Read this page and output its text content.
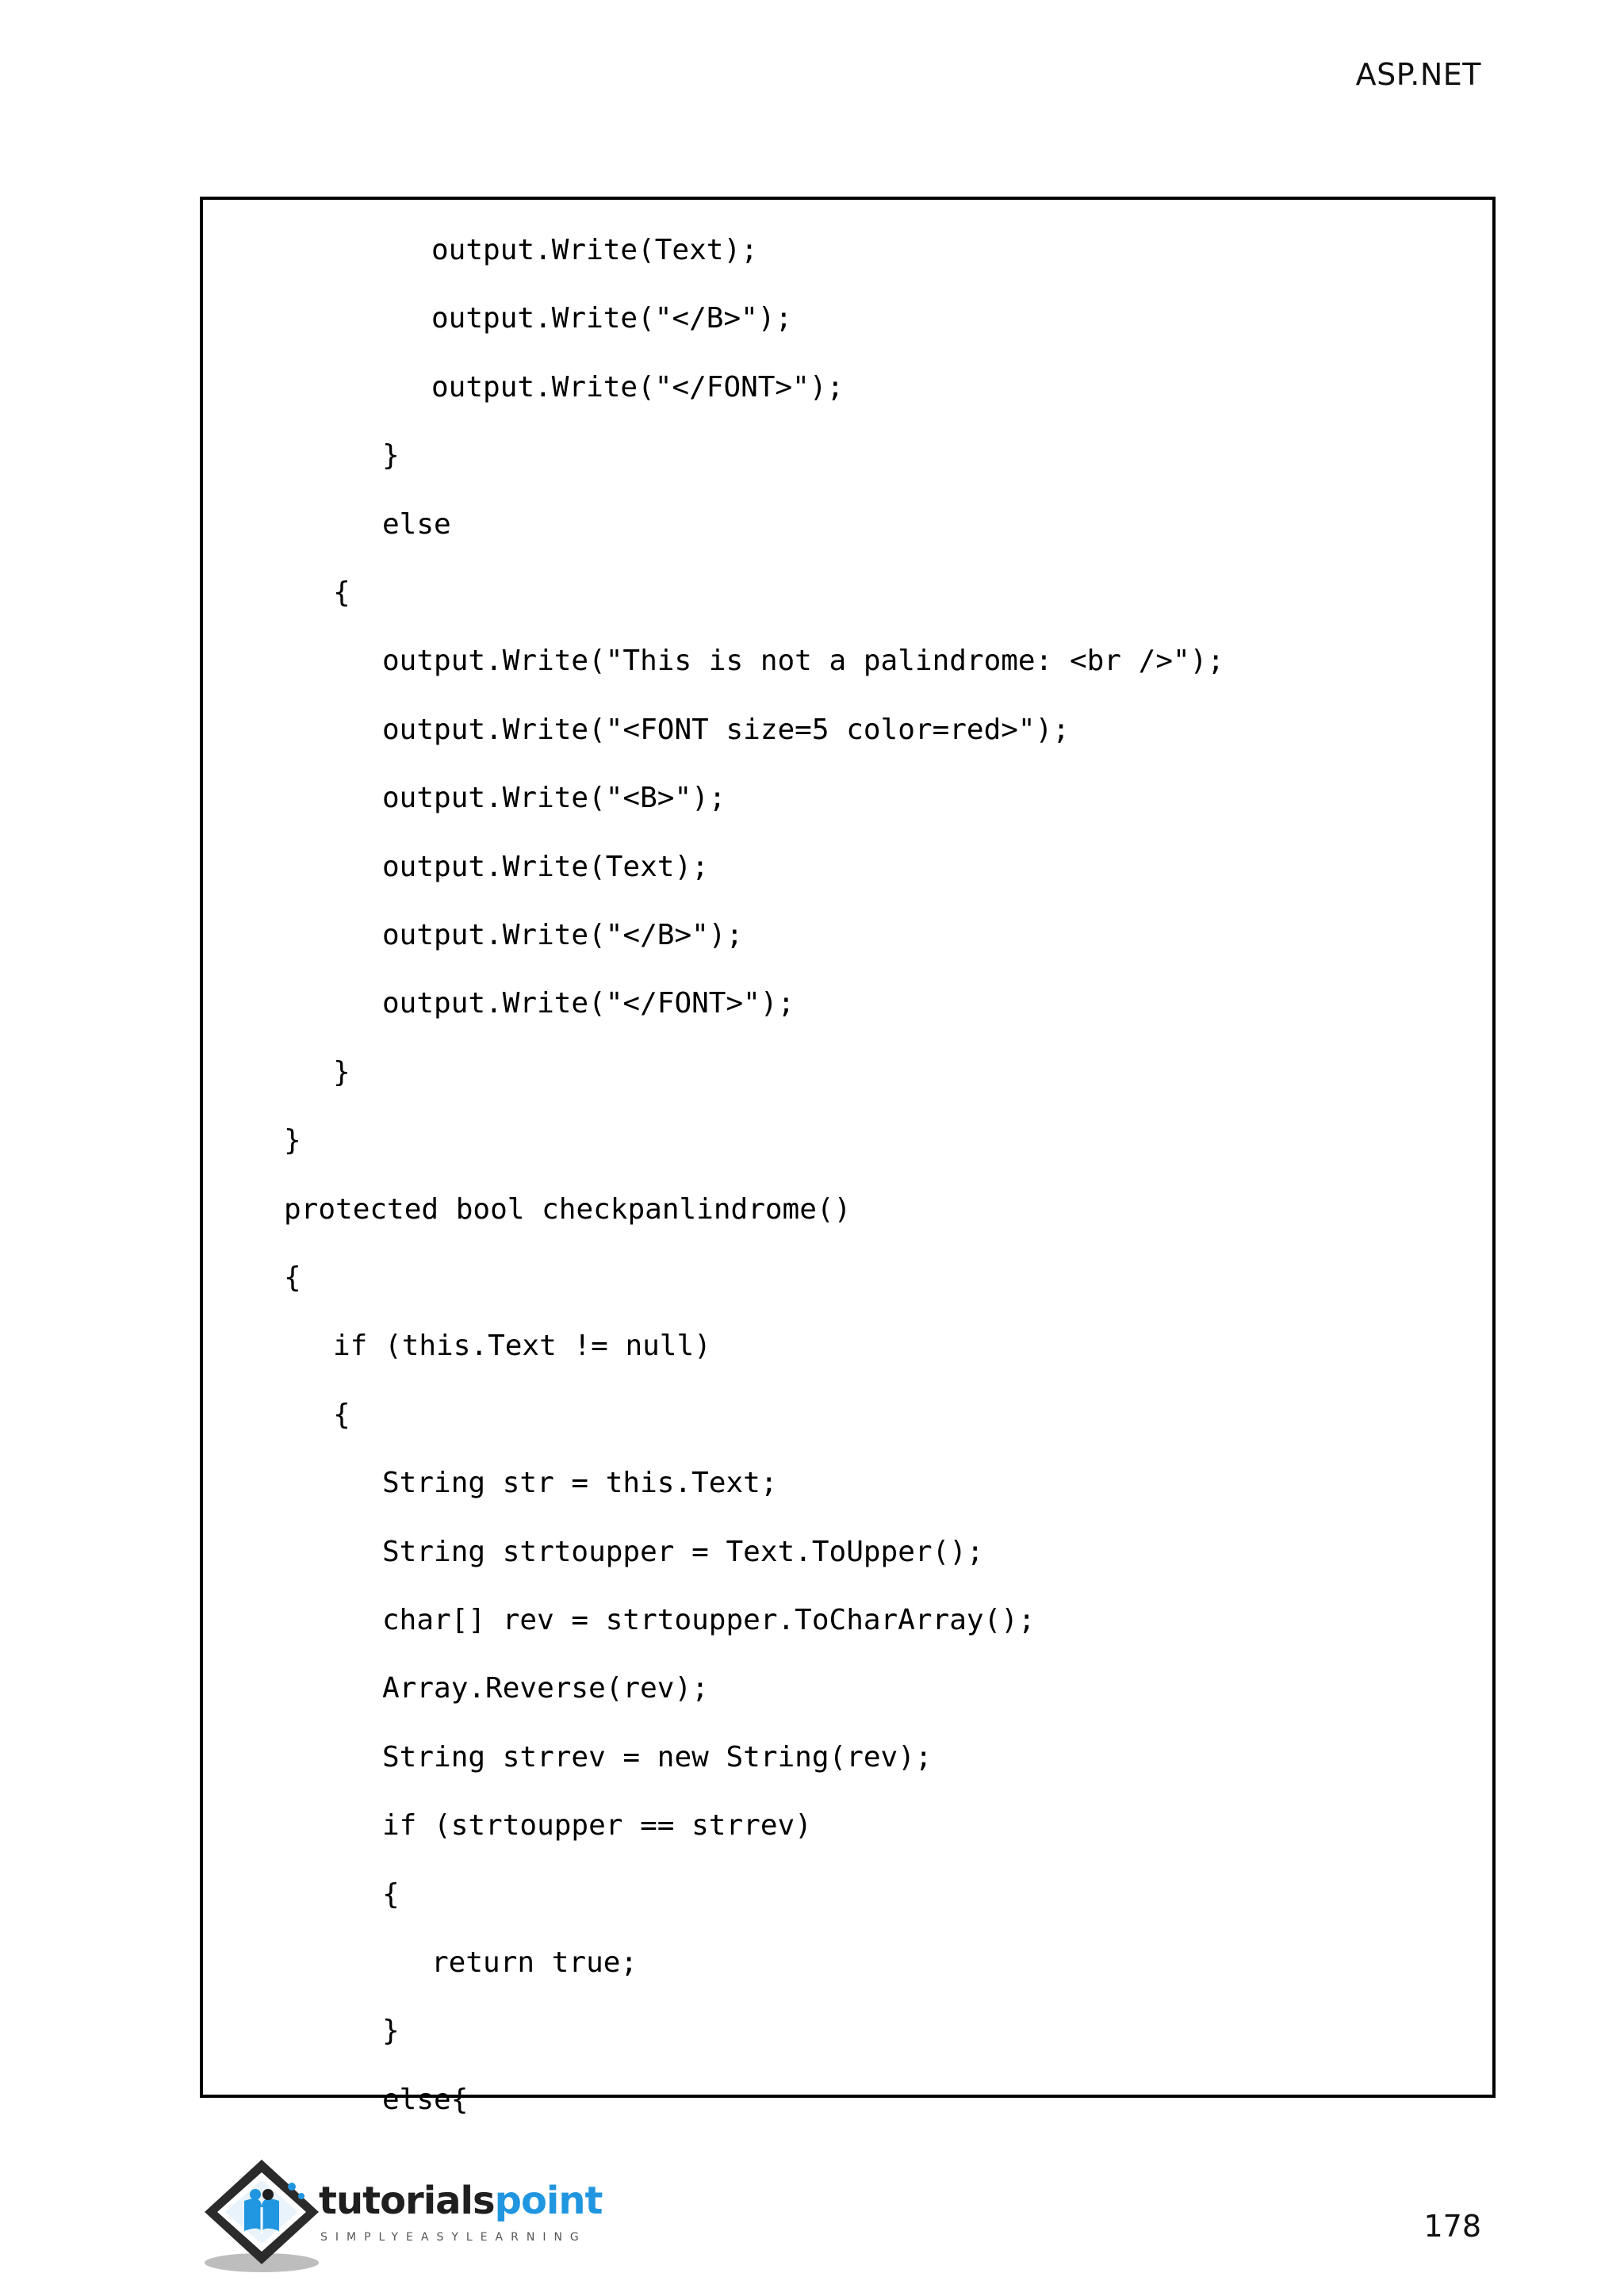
ASP.NET
output.Write(Text);
output.Write("</B>");
output.Write("</FONT>");
}
else
{
output.Write("This is not a palindrome: <br />");
output.Write("<FONT size=5 color=red>");
output.Write("<B>");
output.Write(Text);
output.Write("</B>");
output.Write("</FONT>");
}
}
protected bool checkpanlindrome()
{
if (this.Text != null)
{
String str = this.Text;
String strtoupper = Text.ToUpper();
char[] rev = strtoupper.ToCharArray();
Array.Reverse(rev);
String strrev = new String(rev);
if (strtoupper == strrev)
{
return true;
}
else{
tutorialspoint
SIMPLYEASYLEARNING	178
